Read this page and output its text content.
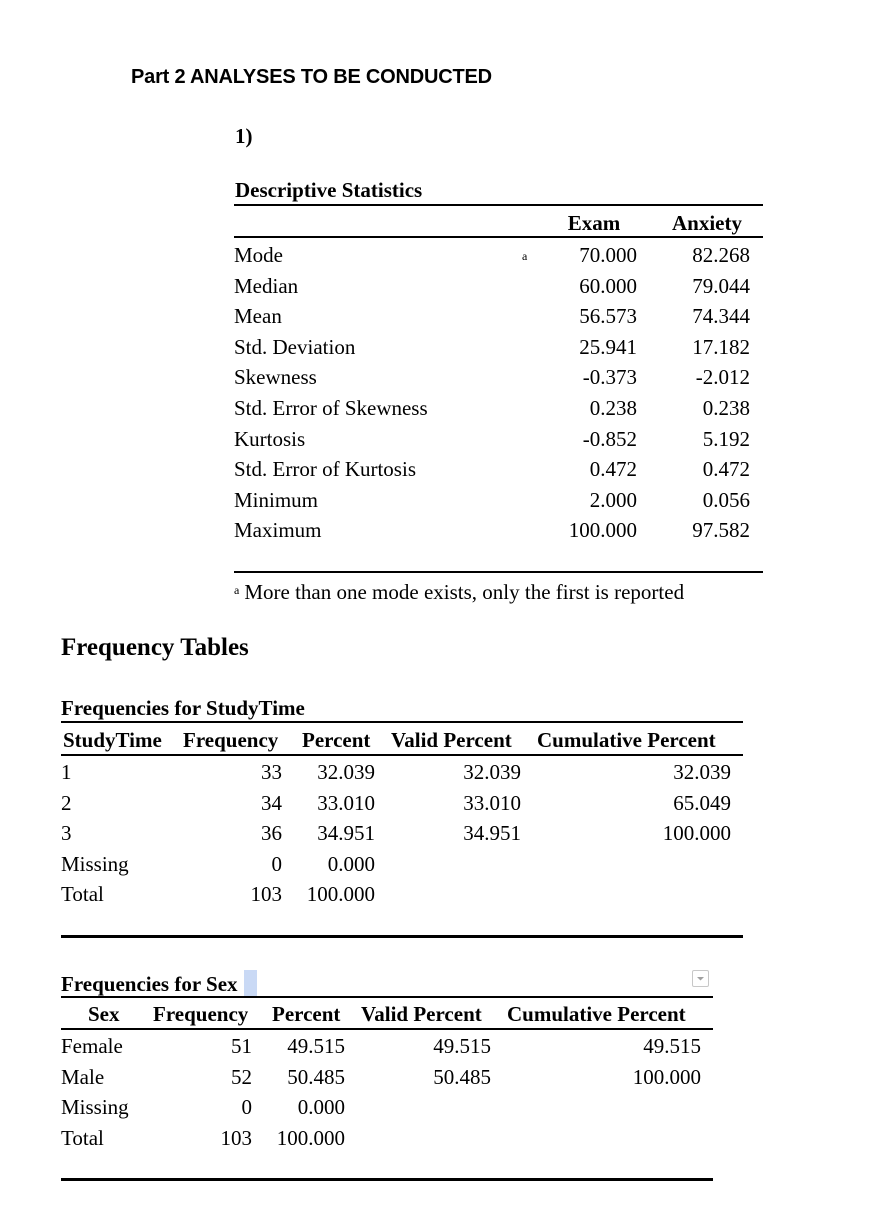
Part 2 ANALYSES TO BE CONDUCTED
1)
Descriptive Statistics
Exam	Anxiety
Mode	70.000	82.268
Median	60.000	79.044
Mean	56.573	74.344
Std. Deviation	25.941	17.182
Skewness	-0.373	-2.012
Std. Error of Skewness	0.238	0.238
Kurtosis	-0.852	5.192
Std. Error of Kurtosis	0.472	0.472
Minimum	2.000	0.056
Maximum	100.000	97.582
a
$^a$ More than one mode exists, only the first is reported
Frequency Tables
Frequencies for StudyTime
StudyTime Frequency Percent Valid Percent Cumulative Percent
1	33	32.039	32.039	32.039
2	34	33.010	33.010	65.049
3	36	34.951	34.951	100.000
Missing	0	0.000
Total	103	100.000
Frequencies for Sex
Sex Frequency Percent Valid Percent Cumulative Percent
Female	51	49.515	49.515	49.515
Male	52	50.485	50.485	100.000
Missing	0	0.000
Total	103	100.000
